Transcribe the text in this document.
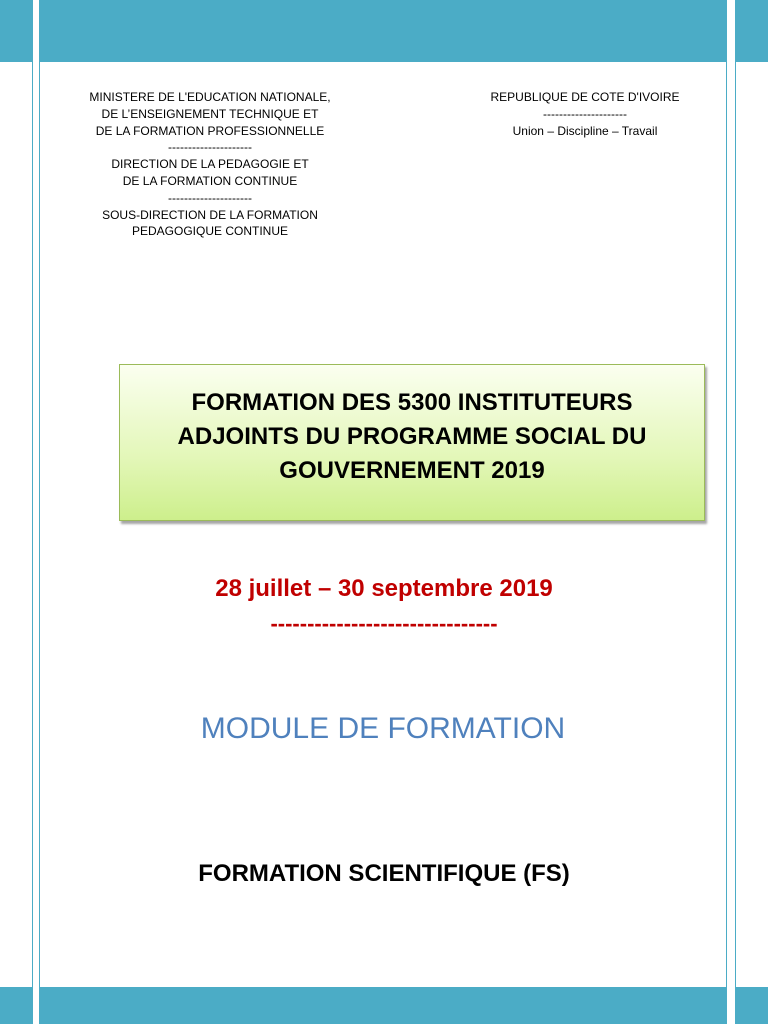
MINISTERE DE L'EDUCATION NATIONALE,
DE L’ENSEIGNEMENT TECHNIQUE ET
DE LA FORMATION PROFESSIONNELLE
---------------------
DIRECTION DE LA PEDAGOGIE ET
DE LA FORMATION CONTINUE
---------------------
SOUS-DIRECTION DE LA FORMATION
PEDAGOGIQUE CONTINUE
REPUBLIQUE DE COTE D'IVOIRE
---------------------
Union – Discipline – Travail
FORMATION DES 5300 INSTITUTEURS
ADJOINTS DU PROGRAMME SOCIAL DU
GOUVERNEMENT 2019
28 juillet – 30 septembre 2019
-------------------------------
MODULE DE FORMATION
FORMATION SCIENTIFIQUE (FS)
